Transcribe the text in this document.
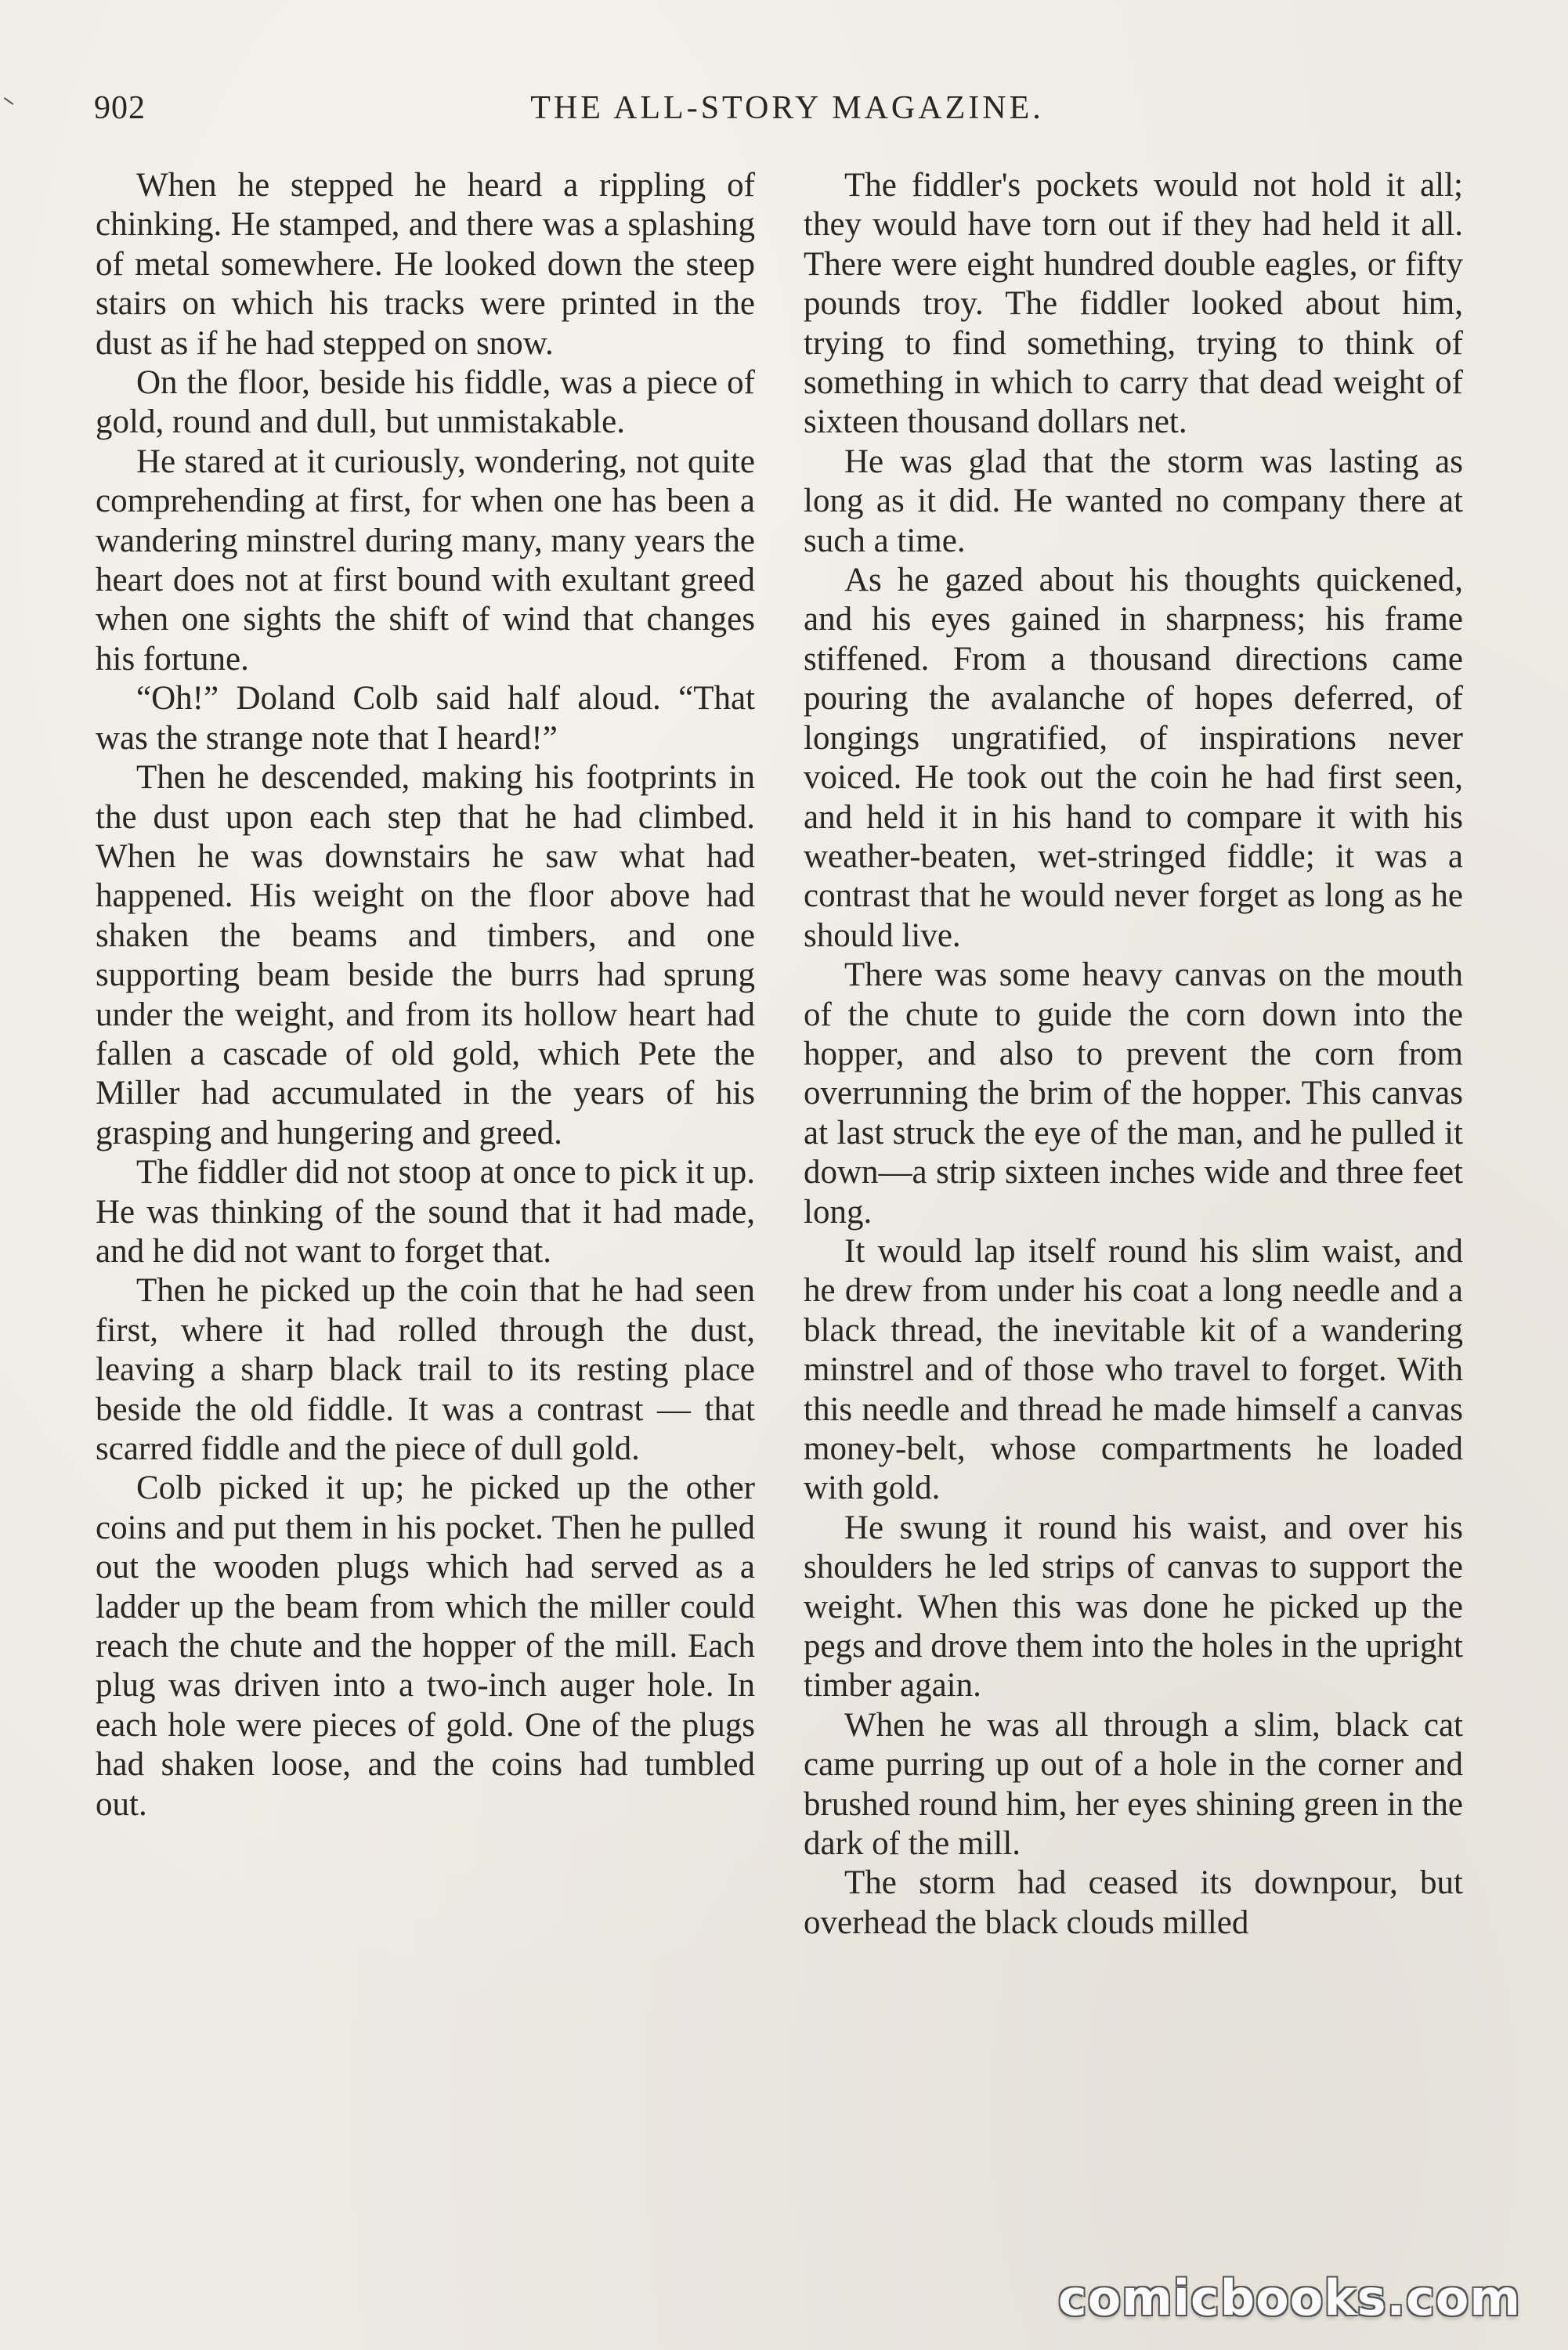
902	THE ALL-STORY MAGAZINE.

When he stepped he heard a rippling of chinking. He stamped, and there was a splashing of metal somewhere. He looked down the steep stairs on which his tracks were printed in the dust as if he had stepped on snow.

On the floor, beside his fiddle, was a piece of gold, round and dull, but unmistakable.

He stared at it curiously, wondering, not quite comprehending at first, for when one has been a wandering minstrel during many, many years the heart does not at first bound with exultant greed when one sights the shift of wind that changes his fortune.

“Oh!” Doland Colb said half aloud. “That was the strange note that I heard!”

Then he descended, making his footprints in the dust upon each step that he had climbed. When he was downstairs he saw what had happened. His weight on the floor above had shaken the beams and timbers, and one supporting beam beside the burrs had sprung under the weight, and from its hollow heart had fallen a cascade of old gold, which Pete the Miller had accumulated in the years of his grasping and hungering and greed.

The fiddler did not stoop at once to pick it up. He was thinking of the sound that it had made, and he did not want to forget that.

Then he picked up the coin that he had seen first, where it had rolled through the dust, leaving a sharp black trail to its resting place beside the old fiddle. It was a contrast — that scarred fiddle and the piece of dull gold.

Colb picked it up; he picked up the other coins and put them in his pocket. Then he pulled out the wooden plugs which had served as a ladder up the beam from which the miller could reach the chute and the hopper of the mill. Each plug was driven into a two-inch auger hole. In each hole were pieces of gold. One of the plugs had shaken loose, and the coins had tumbled out.

The fiddler's pockets would not hold it all; they would have torn out if they had held it all. There were eight hundred double eagles, or fifty pounds troy. The fiddler looked about him, trying to find something, trying to think of something in which to carry that dead weight of sixteen thousand dollars net.

He was glad that the storm was lasting as long as it did. He wanted no company there at such a time.

As he gazed about his thoughts quickened, and his eyes gained in sharpness; his frame stiffened. From a thousand directions came pouring the avalanche of hopes deferred, of longings ungratified, of inspirations never voiced. He took out the coin he had first seen, and held it in his hand to compare it with his weather-beaten, wet-stringed fiddle; it was a contrast that he would never forget as long as he should live.

There was some heavy canvas on the mouth of the chute to guide the corn down into the hopper, and also to prevent the corn from overrunning the brim of the hopper. This canvas at last struck the eye of the man, and he pulled it down—a strip sixteen inches wide and three feet long.

It would lap itself round his slim waist, and he drew from under his coat a long needle and a black thread, the inevitable kit of a wandering minstrel and of those who travel to forget. With this needle and thread he made himself a canvas money-belt, whose compartments he loaded with gold.

He swung it round his waist, and over his shoulders he led strips of canvas to support the weight. When this was done he picked up the pegs and drove them into the holes in the upright timber again.

When he was all through a slim, black cat came purring up out of a hole in the corner and brushed round him, her eyes shining green in the dark of the mill.

The storm had ceased its downpour, but overhead the black clouds milled

comicbooks.com
